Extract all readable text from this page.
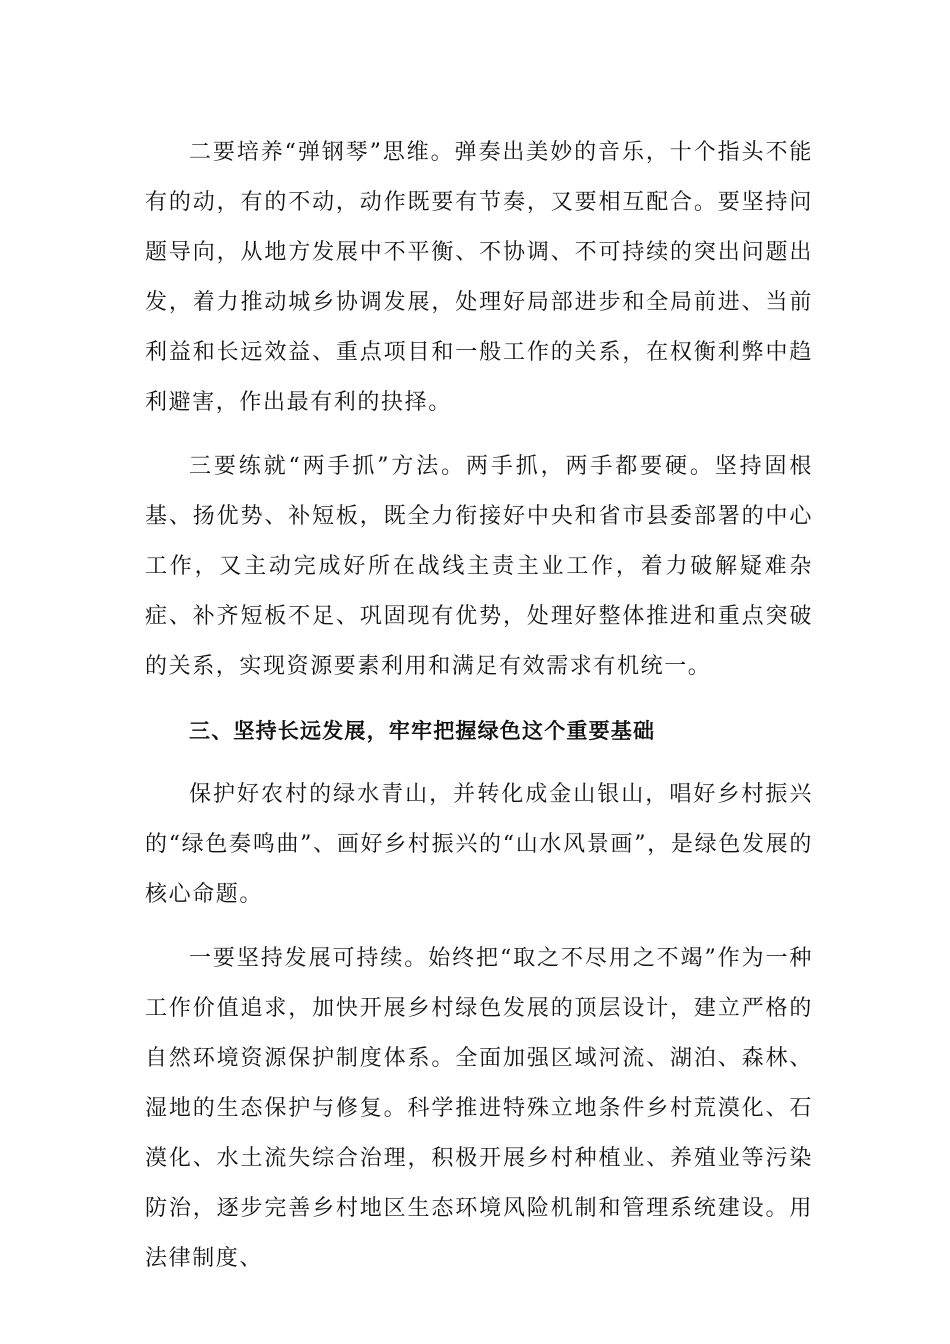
二要培养“弹钢琴”思维。弹奏出美妙的音乐，十个指头不能有的动，有的不动，动作既要有节奏，又要相互配合。要坚持问题导向，从地方发展中不平衡、不协调、不可持续的突出问题出发，着力推动城乡协调发展，处理好局部进步和全局前进、当前利益和长远效益、重点项目和一般工作的关系，在权衡利弊中趋利避害，作出最有利的抉择。

三要练就“两手抓”方法。两手抓，两手都要硬。坚持固根基、扬优势、补短板，既全力衔接好中央和省市县委部署的中心工作，又主动完成好所在战线主责主业工作，着力破解疑难杂症、补齐短板不足、巩固现有优势，处理好整体推进和重点突破的关系，实现资源要素利用和满足有效需求有机统一。

三、坚持长远发展，牢牢把握绿色这个重要基础

保护好农村的绿水青山，并转化成金山银山，唱好乡村振兴的“绿色奏鸣曲”、画好乡村振兴的“山水风景画”，是绿色发展的核心命题。

一要坚持发展可持续。始终把“取之不尽用之不竭”作为一种工作价值追求，加快开展乡村绿色发展的顶层设计，建立严格的自然环境资源保护制度体系。全面加强区域河流、湖泊、森林、湿地的生态保护与修复。科学推进特殊立地条件乡村荒漠化、石漠化、水土流失综合治理，积极开展乡村种植业、养殖业等污染防治，逐步完善乡村地区生态环境风险机制和管理系统建设。用法律制度、
